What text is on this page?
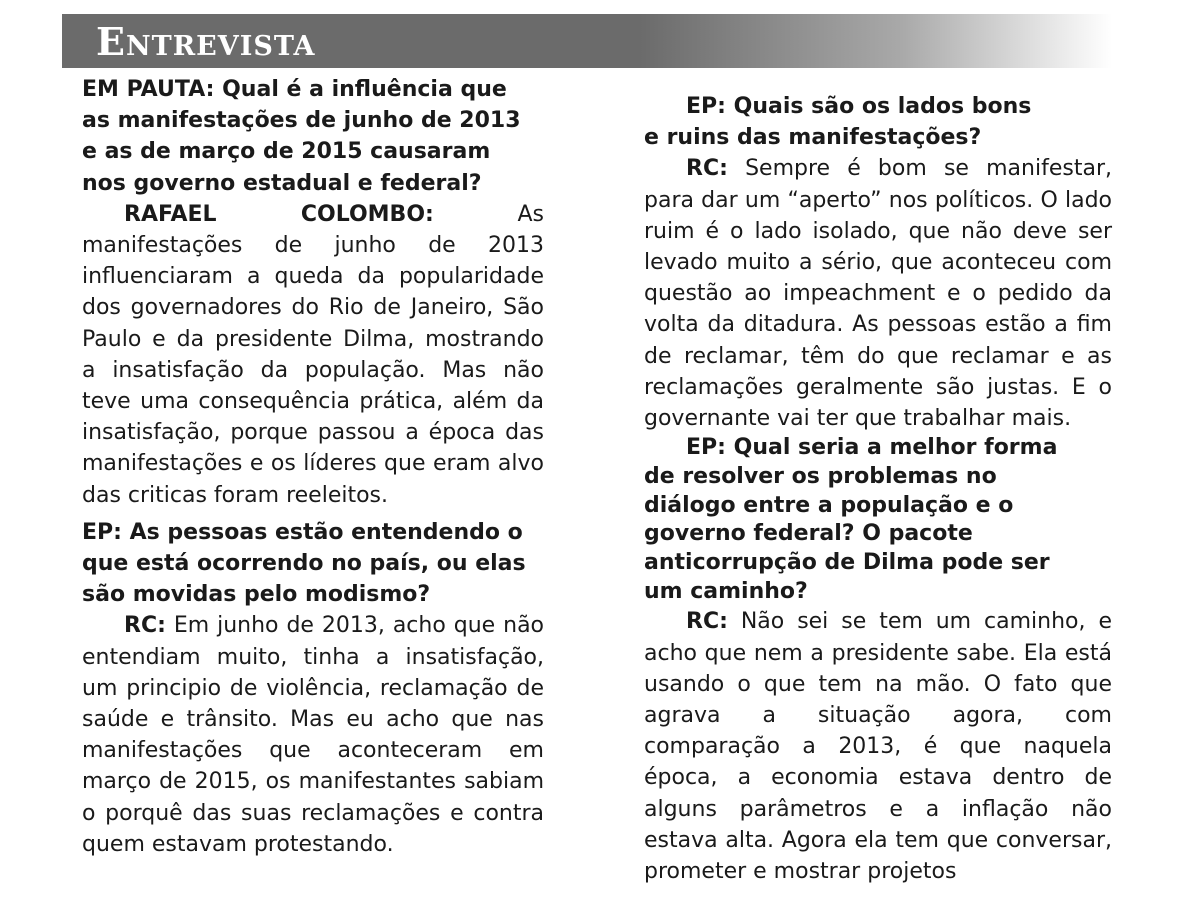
Entrevista

EM PAUTA: Qual é a influência que as manifestações de junho de 2013 e as de março de 2015 causaram nos governo estadual e federal?

RAFAEL COLOMBO:	As manifestações de junho de 2013 influenciaram a queda da popularidade dos governadores do Rio de Janeiro, São Paulo e da presidente Dilma, mostrando a insatisfação da população. Mas não teve uma consequência prática, além da insatisfação, porque passou a época das manifestações e os líderes que eram alvo das criticas foram reeleitos.

EP: As pessoas estão entendendo o que está ocorrendo no país, ou elas são movidas pelo modismo?

RC: Em junho de 2013, acho que não entendiam muito, tinha a insatisfação, um principio de violência, reclamação de saúde e trânsito. Mas eu acho que nas manifestações que aconteceram em março de 2015, os manifestantes sabiam o porquê das suas reclamações e contra quem estavam protestando.

EP: Quais são os lados bons e ruins das manifestações?

RC: Sempre é bom se manifestar, para dar um “aperto” nos políticos. O lado ruim é o lado isolado, que não deve ser levado muito a sério, que aconteceu com questão ao impeachment e o pedido da volta da ditadura. As pessoas estão a fim de reclamar, têm do que reclamar e as reclamações geralmente são justas. E o governante vai ter que trabalhar mais.

EP: Qual seria a melhor forma de resolver os problemas no diálogo entre a população e o governo federal? O pacote anticorrupção de Dilma pode ser um caminho?

RC: Não sei se tem um caminho, e acho que nem a presidente sabe. Ela está usando o que tem na mão. O fato que agrava a situação agora, com comparação a 2013, é que naquela época, a economia estava dentro de alguns parâmetros e a inflação não estava alta. Agora ela tem que conversar, prometer e mostrar projetos
